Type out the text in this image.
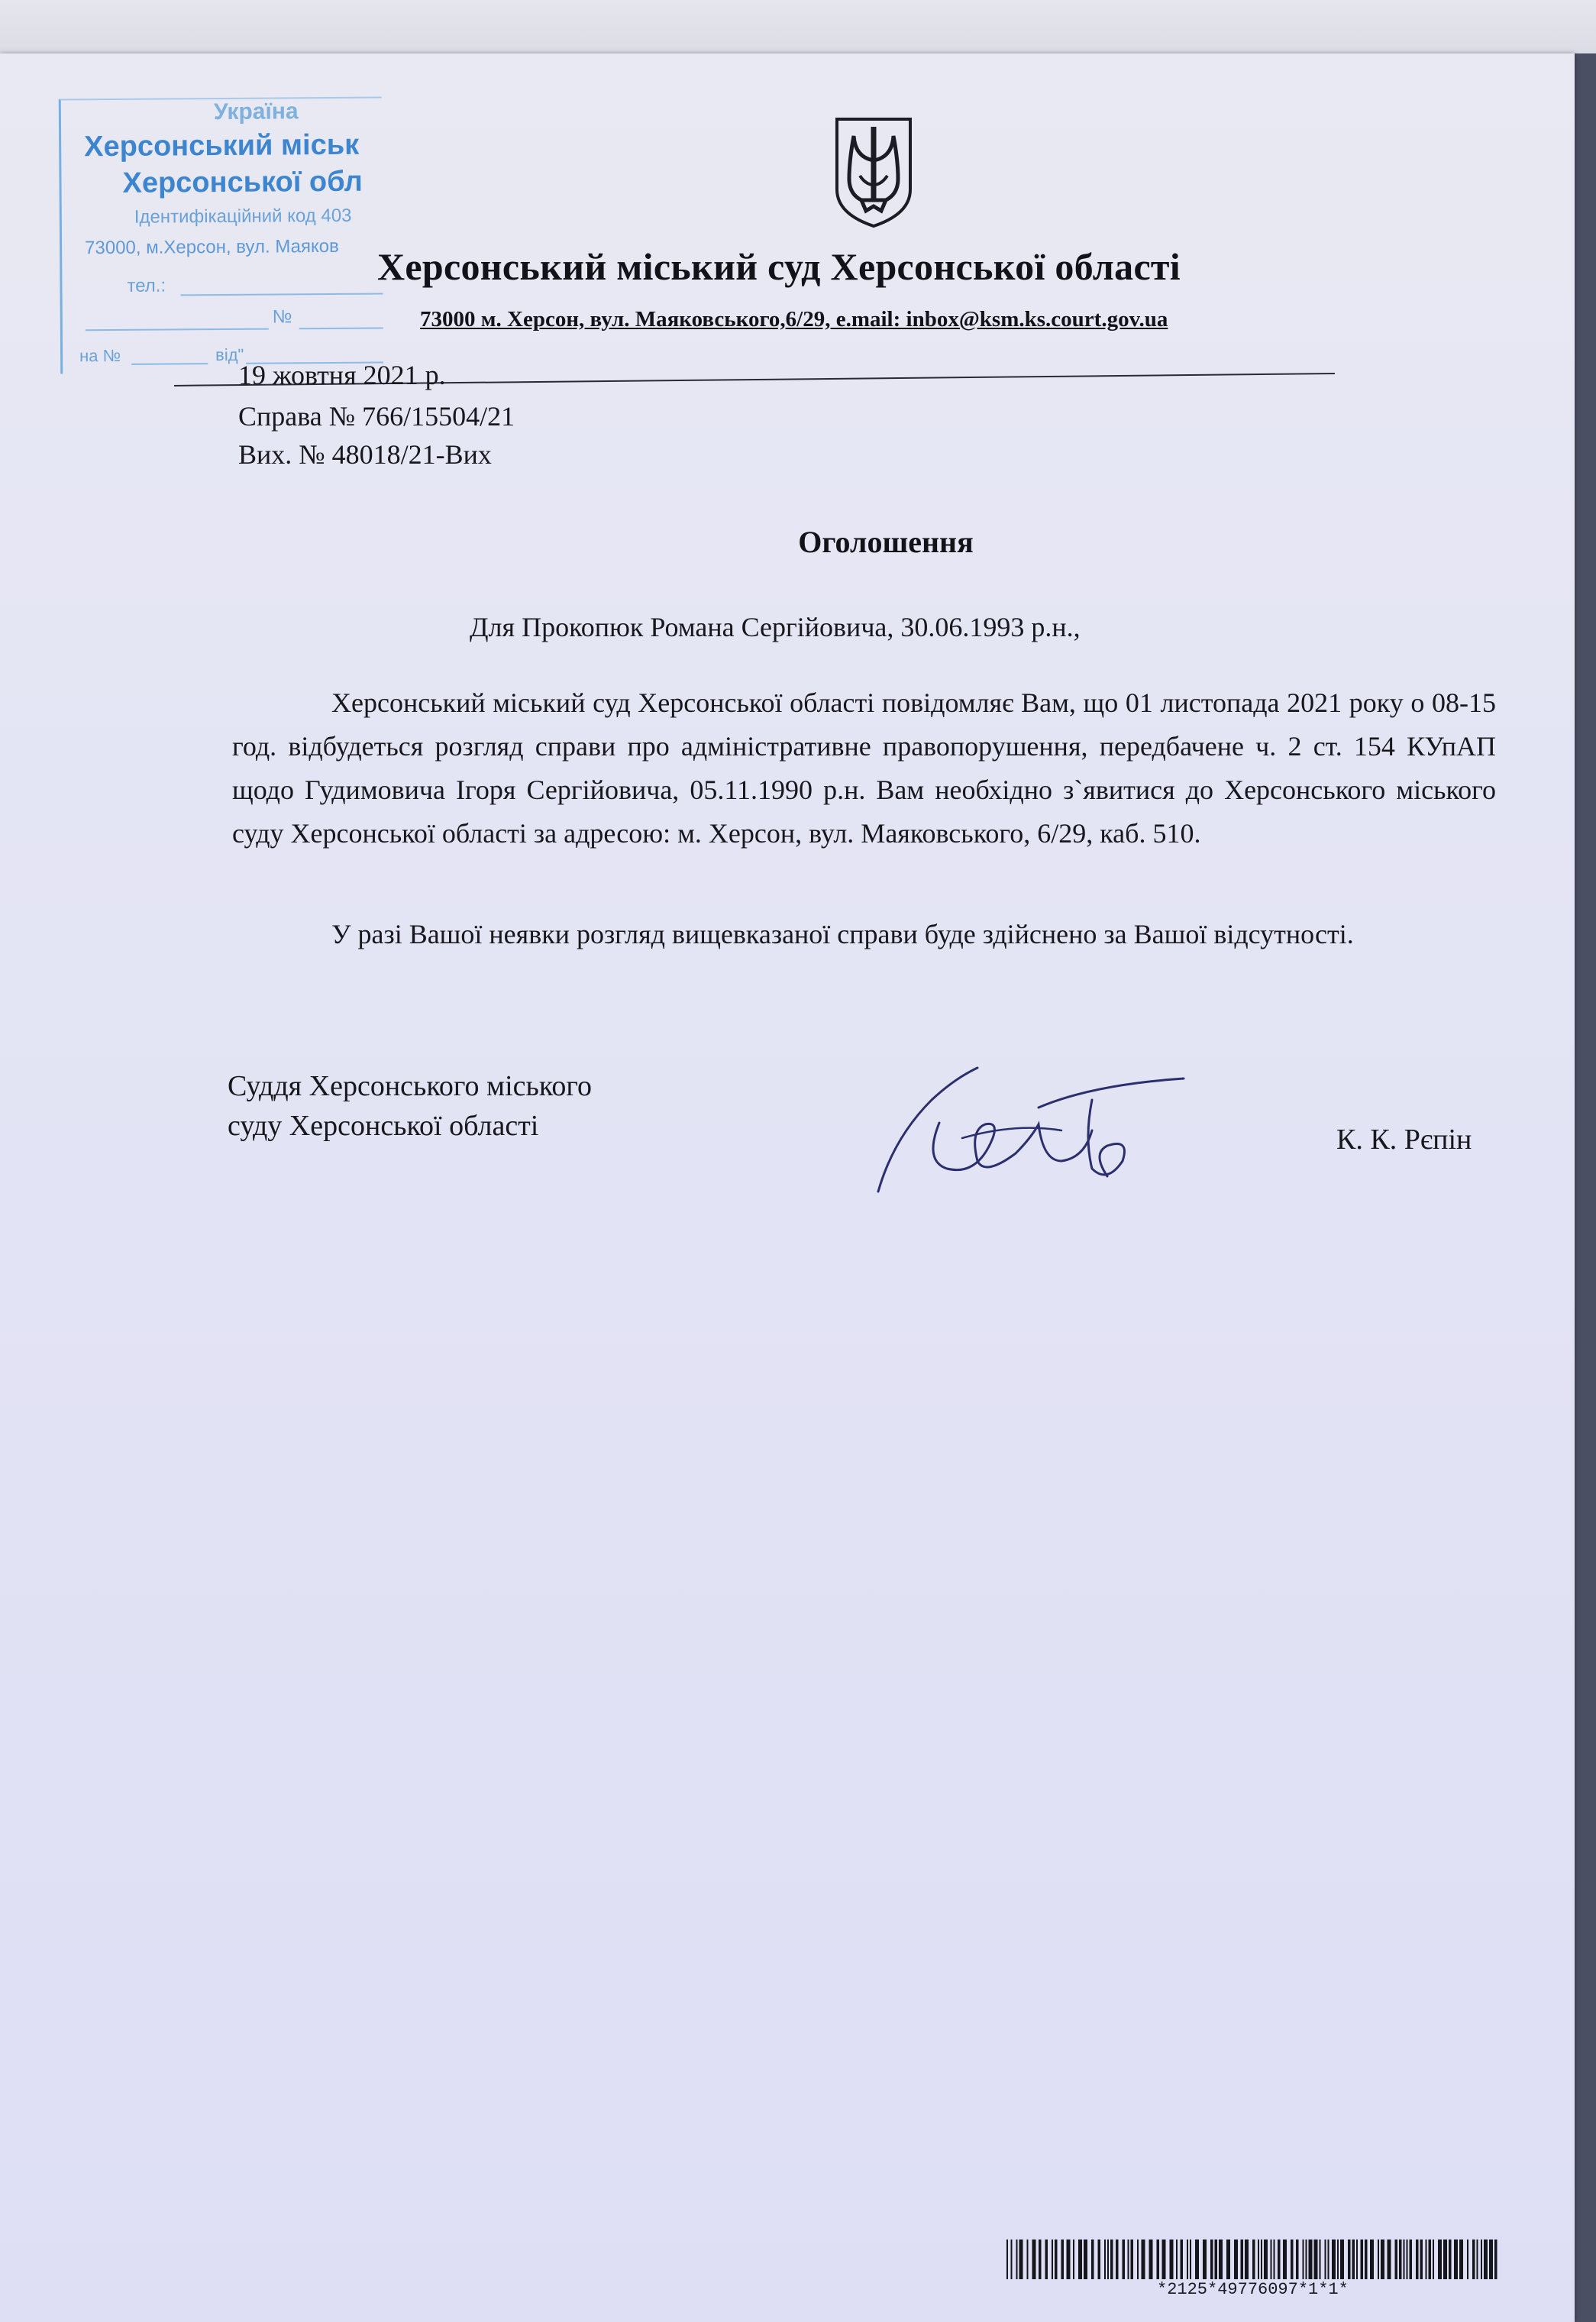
Україна
Херсонський міськ
Херсонської обл
Ідентифікаційний код 403
73000, м.Херсон, вул. Маяков
тел.:
№
на №	від"
Херсонський міський суд Херсонської області
73000 м. Херсон, вул. Маяковського,6/29, e.mail: inbox@ksm.ks.court.gov.ua
19 жовтня 2021 р.
Справа № 766/15504/21
Вих. № 48018/21-Вих
Оголошення
Для Прокопюк Романа Сергійовича, 30.06.1993 р.н.,
Херсонський міський суд Херсонської області повідомляє Вам, що 01 листопада 2021 року о 08-15 год. відбудеться розгляд справи про адміністративне правопорушення, передбачене ч. 2 ст. 154 КУпАП щодо Гудимовича Ігоря Сергійовича, 05.11.1990 р.н. Вам необхідно з`явитися до Херсонського міського суду Херсонської області за адресою: м. Херсон, вул. Маяковського, 6/29, каб. 510.
У разі Вашої неявки розгляд вищевказаної справи буде здійснено за Вашої відсутності.
Суддя Херсонського міського
суду Херсонської області	К. К. Рєпін
*2125*49776097*1*1*
